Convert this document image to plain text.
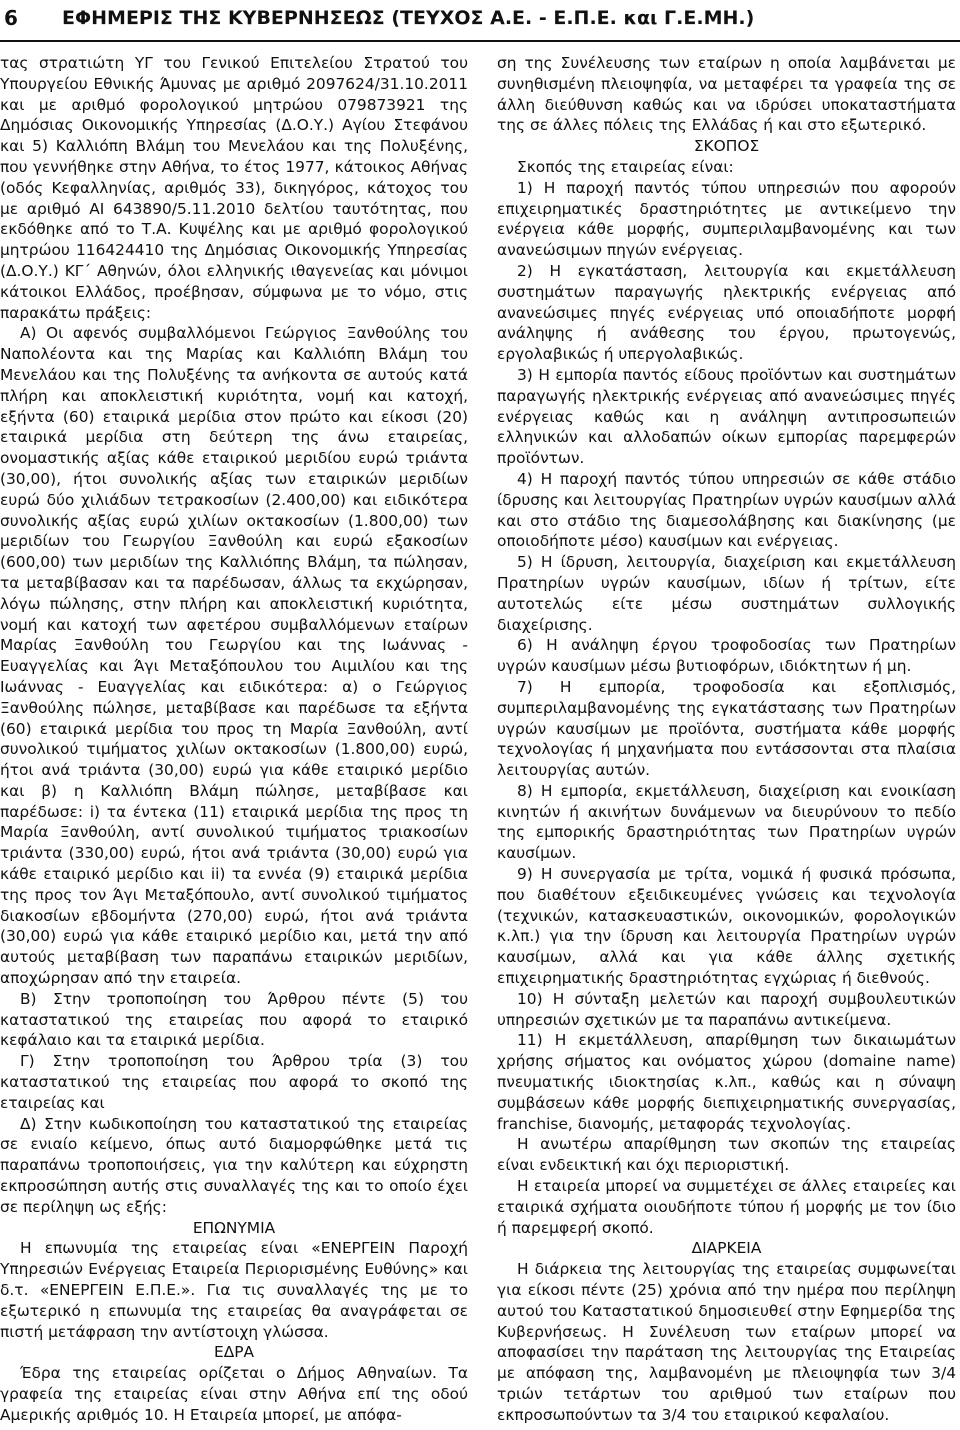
6 ΕΦΗΜΕΡΙΣ ΤΗΣ ΚΥΒΕΡΝΗΣΕΩΣ (ΤΕΥΧΟΣ Α.Ε. - Ε.Π.Ε. και Γ.Ε.ΜΗ.)

τας στρατιώτη ΥΓ του Γενικού Επιτελείου Στρατού του Υπουργείου Εθνικής Άμυνας με αριθμό 2097624/31.10.2011 και με αριθμό φορολογικού μητρώου 079873921 της Δημόσιας Οικονομικής Υπηρεσίας (Δ.Ο.Υ.) Αγίου Στεφάνου και 5) Καλλιόπη Βλάμη του Μενελάου και της Πολυξένης, που γεννήθηκε στην Αθήνα, το έτος 1977, κάτοικος Αθήνας (οδός Κεφαλληνίας, αριθμός 33), δικηγόρος, κάτοχος του με αριθμό ΑΙ 643890/5.11.2010 δελτίου ταυτότητας, που εκδόθηκε από το Τ.Α. Κυψέλης και με αριθμό φορολογικού μητρώου 116424410 της Δημόσιας Οικονομικής Υπηρεσίας (Δ.Ο.Υ.) ΚΓ΄ Αθηνών, όλοι ελληνικής ιθαγενείας και μόνιμοι κάτοικοι Ελλάδος, προέβησαν, σύμφωνα με το νόμο, στις παρακάτω πράξεις:

Α) Οι αφενός συμβαλλόμενοι Γεώργιος Ξανθούλης του Ναπολέοντα και της Μαρίας και Καλλιόπη Βλάμη του Μενελάου και της Πολυξένης τα ανήκοντα σε αυτούς κατά πλήρη και αποκλειστική κυριότητα, νομή και κατοχή, εξήντα (60) εταιρικά μερίδια στον πρώτο και είκοσι (20) εταιρικά μερίδια στη δεύτερη της άνω εταιρείας, ονομαστικής αξίας κάθε εταιρικού μεριδίου ευρώ τριάντα (30,00), ήτοι συνολικής αξίας των εταιρικών μεριδίων ευρώ δύο χιλιάδων τετρακοσίων (2.400,00) και ειδικότερα συνολικής αξίας ευρώ χιλίων οκτακοσίων (1.800,00) των μεριδίων του Γεωργίου Ξανθούλη και ευρώ εξακοσίων (600,00) των μεριδίων της Καλλιόπης Βλάμη, τα πώλησαν, τα μεταβίβασαν και τα παρέδωσαν, άλλως τα εκχώρησαν, λόγω πώλησης, στην πλήρη και αποκλειστική κυριότητα, νομή και κατοχή των αφετέρου συμβαλλόμενων εταίρων Μαρίας Ξανθούλη του Γεωργίου και της Ιωάννας - Ευαγγελίας και Άγι Μεταξόπουλου του Αιμιλίου και της Ιωάννας - Ευαγγελίας και ειδικότερα: α) ο Γεώργιος Ξανθούλης πώλησε, μεταβίβασε και παρέδωσε τα εξήντα (60) εταιρικά μερίδια του προς τη Μαρία Ξανθούλη, αντί συνολικού τιμήματος χιλίων οκτακοσίων (1.800,00) ευρώ, ήτοι ανά τριάντα (30,00) ευρώ για κάθε εταιρικό μερίδιο και β) η Καλλιόπη Βλάμη πώλησε, μεταβίβασε και παρέδωσε: i) τα έντεκα (11) εταιρικά μερίδια της προς τη Μαρία Ξανθούλη, αντί συνολικού τιμήματος τριακοσίων τριάντα (330,00) ευρώ, ήτοι ανά τριάντα (30,00) ευρώ για κάθε εταιρικό μερίδιο και ii) τα εννέα (9) εταιρικά μερίδια της προς τον Άγι Μεταξόπουλο, αντί συνολικού τιμήματος διακοσίων εβδομήντα (270,00) ευρώ, ήτοι ανά τριάντα (30,00) ευρώ για κάθε εταιρικό μερίδιο και, μετά την από αυτούς μεταβίβαση των παραπάνω εταιρικών μεριδίων, αποχώρησαν από την εταιρεία.

Β) Στην τροποποίηση του Άρθρου πέντε (5) του καταστατικού της εταιρείας που αφορά το εταιρικό κεφάλαιο και τα εταιρικά μερίδια.

Γ) Στην τροποποίηση του Άρθρου τρία (3) του καταστατικού της εταιρείας που αφορά το σκοπό της εταιρείας και

Δ) Στην κωδικοποίηση του καταστατικού της εταιρείας σε ενιαίο κείμενο, όπως αυτό διαμορφώθηκε μετά τις παραπάνω τροποποιήσεις, για την καλύτερη και εύχρηστη εκπροσώπηση αυτής στις συναλλαγές της και το οποίο έχει σε περίληψη ως εξής:

ΕΠΩΝΥΜΙΑ

Η επωνυμία της εταιρείας είναι «ΕΝΕΡΓΕΙΝ Παροχή Υπηρεσιών Ενέργειας Εταιρεία Περιορισμένης Ευθύνης» και δ.τ. «ΕΝΕΡΓΕΙΝ Ε.Π.Ε.». Για τις συναλλαγές της με το εξωτερικό η επωνυμία της εταιρείας θα αναγράφεται σε πιστή μετάφραση την αντίστοιχη γλώσσα.

ΕΔΡΑ

Έδρα της εταιρείας ορίζεται ο Δήμος Αθηναίων. Τα γραφεία της εταιρείας είναι στην Αθήνα επί της οδού Αμερικής αριθμός 10. Η Εταιρεία μπορεί, με απόφα-

ση της Συνέλευσης των εταίρων η οποία λαμβάνεται με συνηθισμένη πλειοψηφία, να μεταφέρει τα γραφεία της σε άλλη διεύθυνση καθώς και να ιδρύσει υποκαταστήματα της σε άλλες πόλεις της Ελλάδας ή και στο εξωτερικό.

ΣΚΟΠΟΣ

Σκοπός της εταιρείας είναι:

1) Η παροχή παντός τύπου υπηρεσιών που αφορούν επιχειρηματικές δραστηριότητες με αντικείμενο την ενέργεια κάθε μορφής, συμπεριλαμβανομένης και των ανανεώσιμων πηγών ενέργειας.

2) Η εγκατάσταση, λειτουργία και εκμετάλλευση συστημάτων παραγωγής ηλεκτρικής ενέργειας από ανανεώσιμες πηγές ενέργειας υπό οποιαδήποτε μορφή ανάληψης ή ανάθεσης του έργου, πρωτογενώς, εργολαβικώς ή υπεργολαβικώς.

3) Η εμπορία παντός είδους προϊόντων και συστημάτων παραγωγής ηλεκτρικής ενέργειας από ανανεώσιμες πηγές ενέργειας καθώς και η ανάληψη αντιπροσωπειών ελληνικών και αλλοδαπών οίκων εμπορίας παρεμφερών προϊόντων.

4) Η παροχή παντός τύπου υπηρεσιών σε κάθε στάδιο ίδρυσης και λειτουργίας Πρατηρίων υγρών καυσίμων αλλά και στο στάδιο της διαμεσολάβησης και διακίνησης (με οποιοδήποτε μέσο) καυσίμων και ενέργειας.

5) Η ίδρυση, λειτουργία, διαχείριση και εκμετάλλευση Πρατηρίων υγρών καυσίμων, ιδίων ή τρίτων, είτε αυτοτελώς είτε μέσω συστημάτων συλλογικής διαχείρισης.

6) Η ανάληψη έργου τροφοδοσίας των Πρατηρίων υγρών καυσίμων μέσω βυτιοφόρων, ιδιόκτητων ή μη.

7) Η εμπορία, τροφοδοσία και εξοπλισμός, συμπεριλαμβανομένης της εγκατάστασης των Πρατηρίων υγρών καυσίμων με προϊόντα, συστήματα κάθε μορφής τεχνολογίας ή μηχανήματα που εντάσσονται στα πλαίσια λειτουργίας αυτών.

8) Η εμπορία, εκμετάλλευση, διαχείριση και ενοικίαση κινητών ή ακινήτων δυνάμενων να διευρύνουν το πεδίο της εμπορικής δραστηριότητας των Πρατηρίων υγρών καυσίμων.

9) Η συνεργασία με τρίτα, νομικά ή φυσικά πρόσωπα, που διαθέτουν εξειδικευμένες γνώσεις και τεχνολογία (τεχνικών, κατασκευαστικών, οικονομικών, φορολογικών κ.λπ.) για την ίδρυση και λειτουργία Πρατηρίων υγρών καυσίμων, αλλά και για κάθε άλλης σχετικής επιχειρηματικής δραστηριότητας εγχώριας ή διεθνούς.

10) Η σύνταξη μελετών και παροχή συμβουλευτικών υπηρεσιών σχετικών με τα παραπάνω αντικείμενα.

11) Η εκμετάλλευση, απαρίθμηση των δικαιωμάτων χρήσης σήματος και ονόματος χώρου (domaine name) πνευματικής ιδιοκτησίας κ.λπ., καθώς και η σύναψη συμβάσεων κάθε μορφής διεπιχειρηματικής συνεργασίας, franchise, διανομής, μεταφοράς τεχνολογίας.

Η ανωτέρω απαρίθμηση των σκοπών της εταιρείας είναι ενδεικτική και όχι περιοριστική.

Η εταιρεία μπορεί να συμμετέχει σε άλλες εταιρείες και εταιρικά σχήματα οιουδήποτε τύπου ή μορφής με τον ίδιο ή παρεμφερή σκοπό.

ΔΙΑΡΚΕΙΑ

Η διάρκεια της λειτουργίας της εταιρείας συμφωνείται για είκοσι πέντε (25) χρόνια από την ημέρα που περίληψη αυτού του Καταστατικού δημοσιευθεί στην Εφημερίδα της Κυβερνήσεως. Η Συνέλευση των εταίρων μπορεί να αποφασίσει την παράταση της λειτουργίας της Εταιρείας με απόφαση της, λαμβανομένη με πλειοψηφία των 3/4 τριών τετάρτων του αριθμού των εταίρων που εκπροσωπούντων τα 3/4 του εταιρικού κεφαλαίου.
